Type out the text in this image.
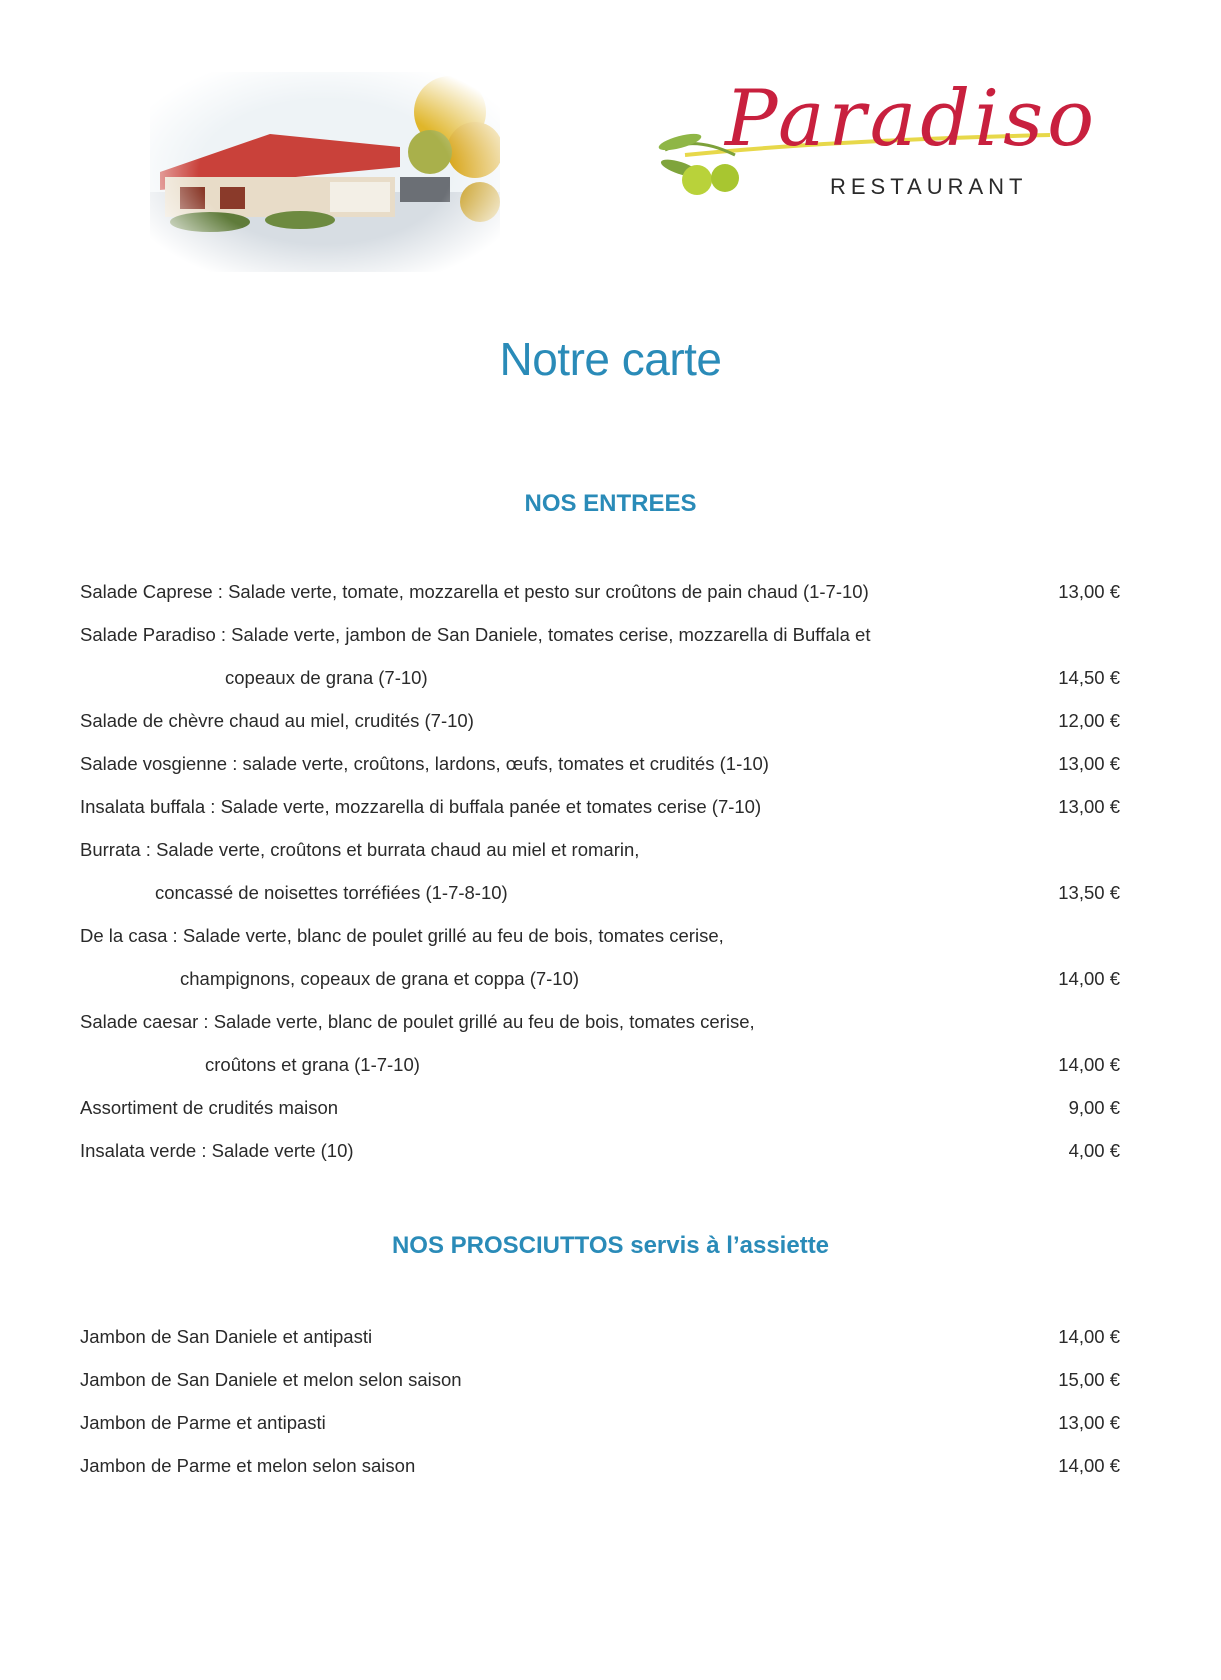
Paradiso
RESTAURANT
Notre carte
NOS ENTREES
Salade Caprese : Salade verte, tomate, mozzarella et pesto sur croûtons de pain chaud (1-7-10)	13,00 €
Salade Paradiso : Salade verte, jambon de San Daniele, tomates cerise, mozzarella di Buffala et
copeaux de grana (7-10)	14,50 €
Salade de chèvre chaud au miel, crudités (7-10)	12,00 €
Salade vosgienne : salade verte, croûtons, lardons, œufs, tomates et crudités (1-10)	13,00 €
Insalata buffala : Salade verte, mozzarella di buffala panée et tomates cerise (7-10)	13,00 €
Burrata : Salade verte, croûtons et burrata chaud au miel et romarin,
concassé de noisettes torréfiées (1-7-8-10)	13,50 €
De la casa : Salade verte, blanc de poulet grillé au feu de bois, tomates cerise,
champignons, copeaux de grana et coppa (7-10)	14,00 €
Salade caesar : Salade verte, blanc de poulet grillé au feu de bois, tomates cerise,
croûtons et grana (1-7-10)	14,00 €
Assortiment de crudités maison	9,00 €
Insalata verde : Salade verte (10)	4,00 €
NOS PROSCIUTTOS servis à l’assiette
Jambon de San Daniele et antipasti	14,00 €
Jambon de San Daniele et melon selon saison	15,00 €
Jambon de Parme et antipasti	13,00 €
Jambon de Parme et melon selon saison	14,00 €
